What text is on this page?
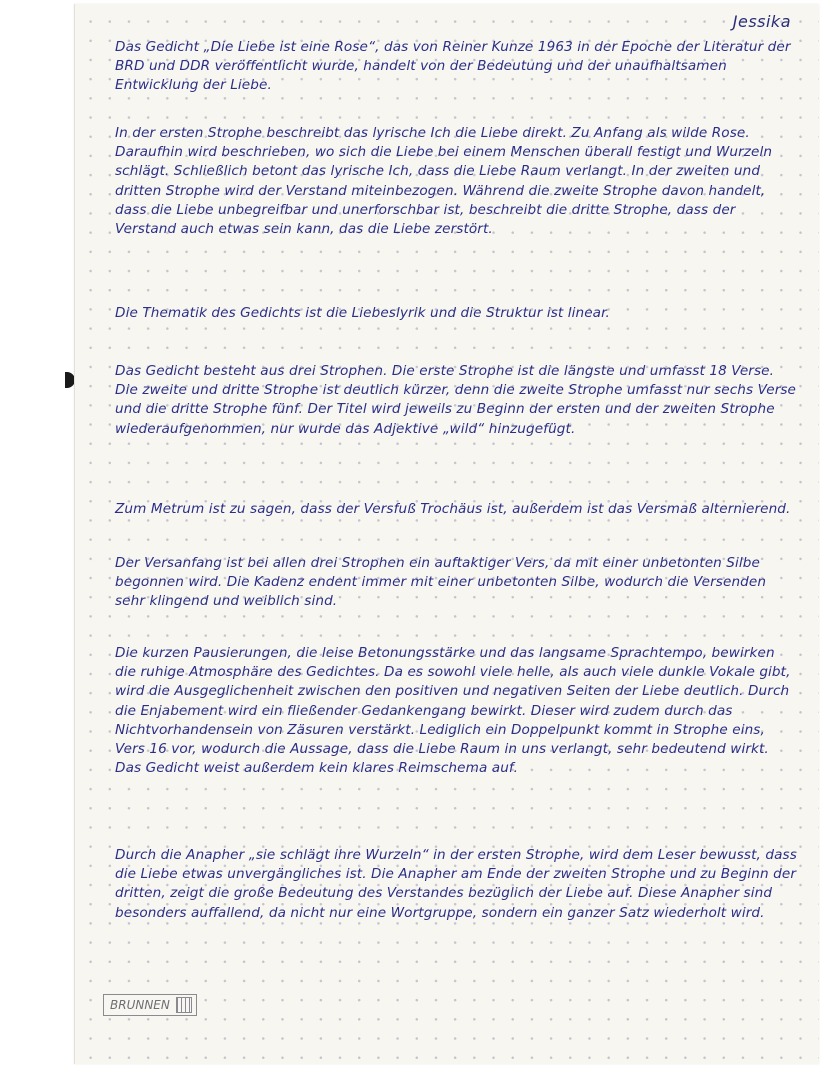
Jessika

Das Gedicht „Die Liebe ist eine Rose“, das von Reiner Kunze 1963 in der Epoche der Literatur der BRD und DDR veröffentlicht wurde, handelt von der Bedeutung und der unaufhaltsamen Entwicklung der Liebe.

In der ersten Strophe beschreibt das lyrische Ich die Liebe direkt. Zu Anfang als wilde Rose. Daraufhin wird beschrieben, wo sich die Liebe bei einem Menschen überall festigt und Wurzeln schlägt. Schließlich betont das lyrische Ich, dass die Liebe Raum verlangt. In der zweiten und dritten Strophe wird der Verstand miteinbezogen. Während die zweite Strophe davon handelt, dass die Liebe unbegreifbar und unerforschbar ist, beschreibt die dritte Strophe, dass der Verstand auch etwas sein kann, das die Liebe zerstört.

Die Thematik des Gedichts ist die Liebeslyrik und die Struktur ist linear.

Das Gedicht besteht aus drei Strophen. Die erste Strophe ist die längste und umfasst 18 Verse. Die zweite und dritte Strophe ist deutlich kürzer, denn die zweite Strophe umfasst nur sechs Verse und die dritte Strophe fünf. Der Titel wird jeweils zu Beginn der ersten und der zweiten Strophe wiederaufgenommen, nur wurde das Adjektive „wild“ hinzugefügt.

Zum Metrum ist zu sagen, dass der Versfuß Trochäus ist, außerdem ist das Versmaß alternierend.

Der Versanfang ist bei allen drei Strophen ein auftaktiger Vers, da mit einer unbetonten Silbe begonnen wird. Die Kadenz endent immer mit einer unbetonten Silbe, wodurch die Versenden sehr klingend und weiblich sind.

Die kurzen Pausierungen, die leise Betonungsstärke und das langsame Sprachtempo, bewirken die ruhige Atmosphäre des Gedichtes. Da es sowohl viele helle, als auch viele dunkle Vokale gibt, wird die Ausgeglichenheit zwischen den positiven und negativen Seiten der Liebe deutlich. Durch die Enjabement wird ein fließender Gedankengang bewirkt. Dieser wird zudem durch das Nichtvorhandensein von Zäsuren verstärkt. Lediglich ein Doppelpunkt kommt in Strophe eins, Vers 16 vor, wodurch die Aussage, dass die Liebe Raum in uns verlangt, sehr bedeutend wirkt. Das Gedicht weist außerdem kein klares Reimschema auf.

Durch die Anapher „sie schlägt ihre Wurzeln“ in der ersten Strophe, wird dem Leser bewusst, dass die Liebe etwas unvergängliches ist. Die Anapher am Ende der zweiten Strophe und zu Beginn der dritten, zeigt die große Bedeutung des Verstandes bezüglich der Liebe auf. Diese Anapher sind besonders auffallend, da nicht nur eine Wortgruppe, sondern ein ganzer Satz wiederholt wird.

BRUNNEN
